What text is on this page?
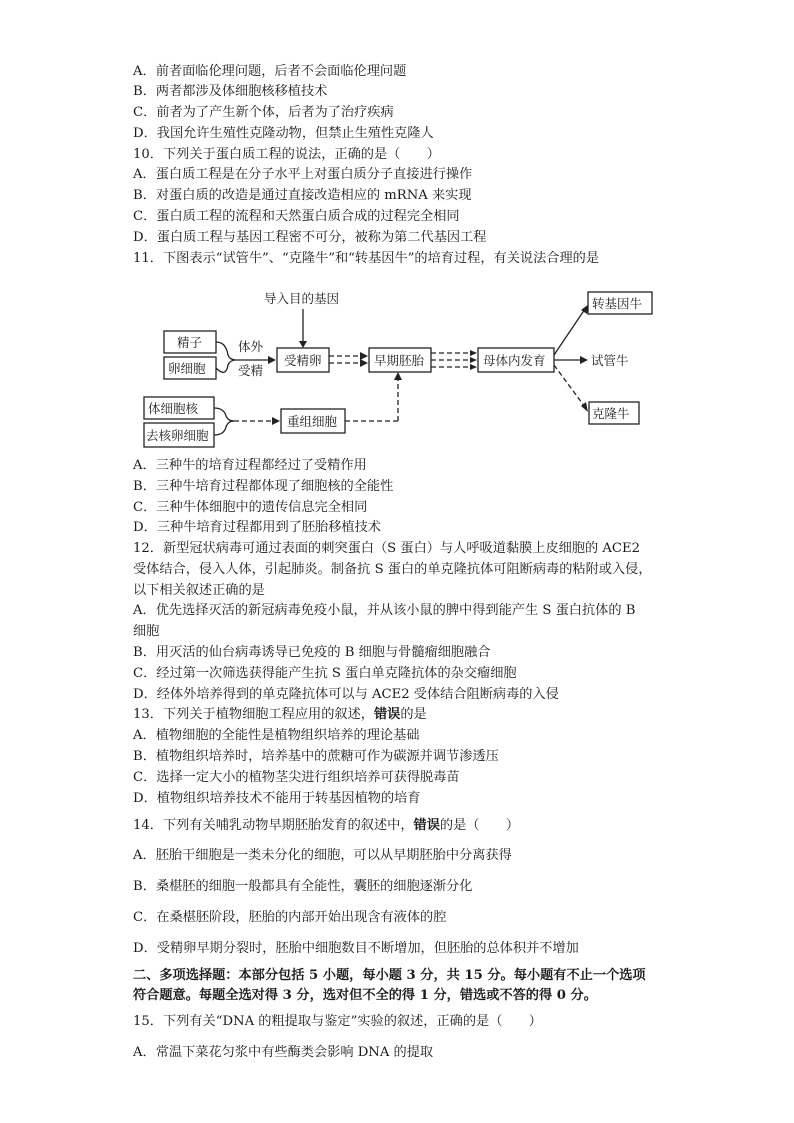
A．前者面临伦理问题，后者不会面临伦理问题
B．两者都涉及体细胞核移植技术
C．前者为了产生新个体，后者为了治疗疾病
D．我国允许生殖性克隆动物，但禁止生殖性克隆人
10．下列关于蛋白质工程的说法，正确的是（　　）
A．蛋白质工程是在分子水平上对蛋白质分子直接进行操作
B．对蛋白质的改造是通过直接改造相应的 mRNA 来实现
C．蛋白质工程的流程和天然蛋白质合成的过程完全相同
D．蛋白质工程与基因工程密不可分，被称为第二代基因工程
11．下图表示“试管牛”、“克隆牛”和“转基因牛”的培育过程，有关说法合理的是
导入目的基因
精子
卵细胞
体外
受精
受精卵	早期胚胎	母体内发育
转基因牛
试管牛
克隆牛
体细胞核
去核卵细胞
重组细胞
A．三种牛的培育过程都经过了受精作用
B．三种牛培育过程都体现了细胞核的全能性
C．三种牛体细胞中的遗传信息完全相同
D．三种牛培育过程都用到了胚胎移植技术
12．新型冠状病毒可通过表面的刺突蛋白（S 蛋白）与人呼吸道黏膜上皮细胞的 ACE2
受体结合，侵入人体，引起肺炎。制备抗 S 蛋白的单克隆抗体可阻断病毒的粘附或入侵，
以下相关叙述正确的是
A．优先选择灭活的新冠病毒免疫小鼠，并从该小鼠的脾中得到能产生 S 蛋白抗体的 B
细胞
B．用灭活的仙台病毒诱导已免疫的 B 细胞与骨髓瘤细胞融合
C．经过第一次筛选获得能产生抗 S 蛋白单克隆抗体的杂交瘤细胞
D．经体外培养得到的单克隆抗体可以与 ACE2 受体结合阻断病毒的入侵
13．下列关于植物细胞工程应用的叙述，错误的是
A．植物细胞的全能性是植物组织培养的理论基础
B．植物组织培养时，培养基中的蔗糖可作为碳源并调节渗透压
C．选择一定大小的植物茎尖进行组织培养可获得脱毒苗
D．植物组织培养技术不能用于转基因植物的培育
14．下列有关哺乳动物早期胚胎发育的叙述中，错误的是（　　）
A．胚胎干细胞是一类未分化的细胞，可以从早期胚胎中分离获得
B．桑椹胚的细胞一般都具有全能性，囊胚的细胞逐渐分化
C．在桑椹胚阶段，胚胎的内部开始出现含有液体的腔
D．受精卵早期分裂时，胚胎中细胞数目不断增加，但胚胎的总体积并不增加
二、多项选择题：本部分包括 5 小题，每小题 3 分，共 15 分。每小题有不止一个选项
符合题意。每题全选对得 3 分，选对但不全的得 1 分，错选或不答的得 0 分。
15．下列有关“DNA 的粗提取与鉴定”实验的叙述，正确的是（　　）
A．常温下菜花匀浆中有些酶类会影响 DNA 的提取
